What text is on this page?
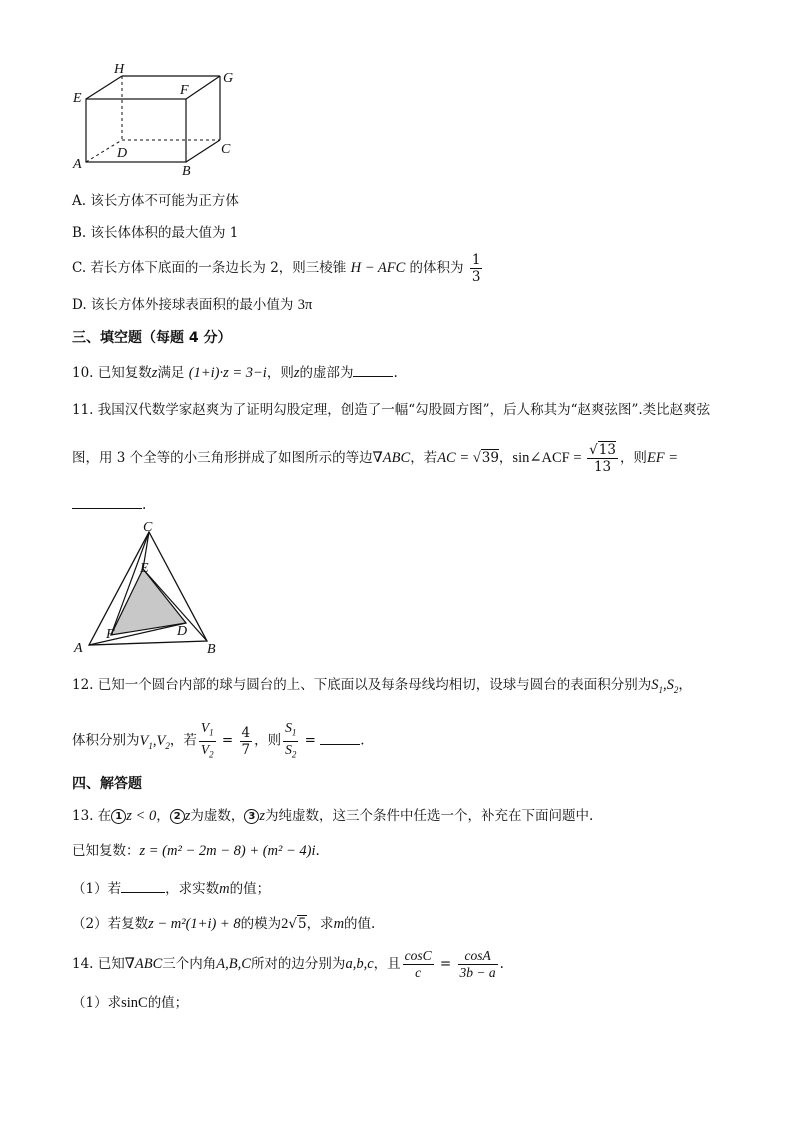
H
G
E
F
D	C
A	B
A. 该长方体不可能为正方体
B. 该长体体积的最大值为 1
C. 若长方体下底面的一条边长为 2，则三棱锥 H − AFC 的体积为 $\frac{1}{3}$
D. 该长方体外接球表面积的最小值为 3π
三、填空题（每题 4 分）
10. 已知复数z满足 (1+i)·z = 3−i，则z的虚部为	.
11. 我国汉代数学家赵爽为了证明勾股定理，创造了一幅“勾股圆方图”，后人称其为“赵爽弦图”.类比赵爽弦
图，用 3 个全等的小三角形拼成了如图所示的等边∇ABC，若AC = √39，sin∠ACF = $\frac{√13}{13}$ ，则EF =
.
C
E
F	D
A	B
12. 已知一个圆台内部的球与圆台的上、下底面以及每条母线均相切，设球与圆台的表面积分别为$S_1,S_2$，
体积分别为$V_1,V_2$，若 $\frac{V_1}{V_2} = \frac{4}{7}$ ，则 $\frac{S_1}{S_2}$ =	.
四、解答题
13. 在 1 z < 0， 2 z为虚数， 3 z为纯虚数，这三个条件中任选一个，补充在下面问题中.
已知复数：z = (m² − 2m − 8) + (m² − 4)i.
（1）若	，求实数m的值；
（2）若复数z − m²(1+i) + 8的模为2√5，求m的值.
14. 已知∇ABC三个内角A,B,C所对的边分别为a,b,c，且 $\frac{\cos C}{c} = \frac{\cos A}{3b - a}$ .
（1）求sinC的值；
